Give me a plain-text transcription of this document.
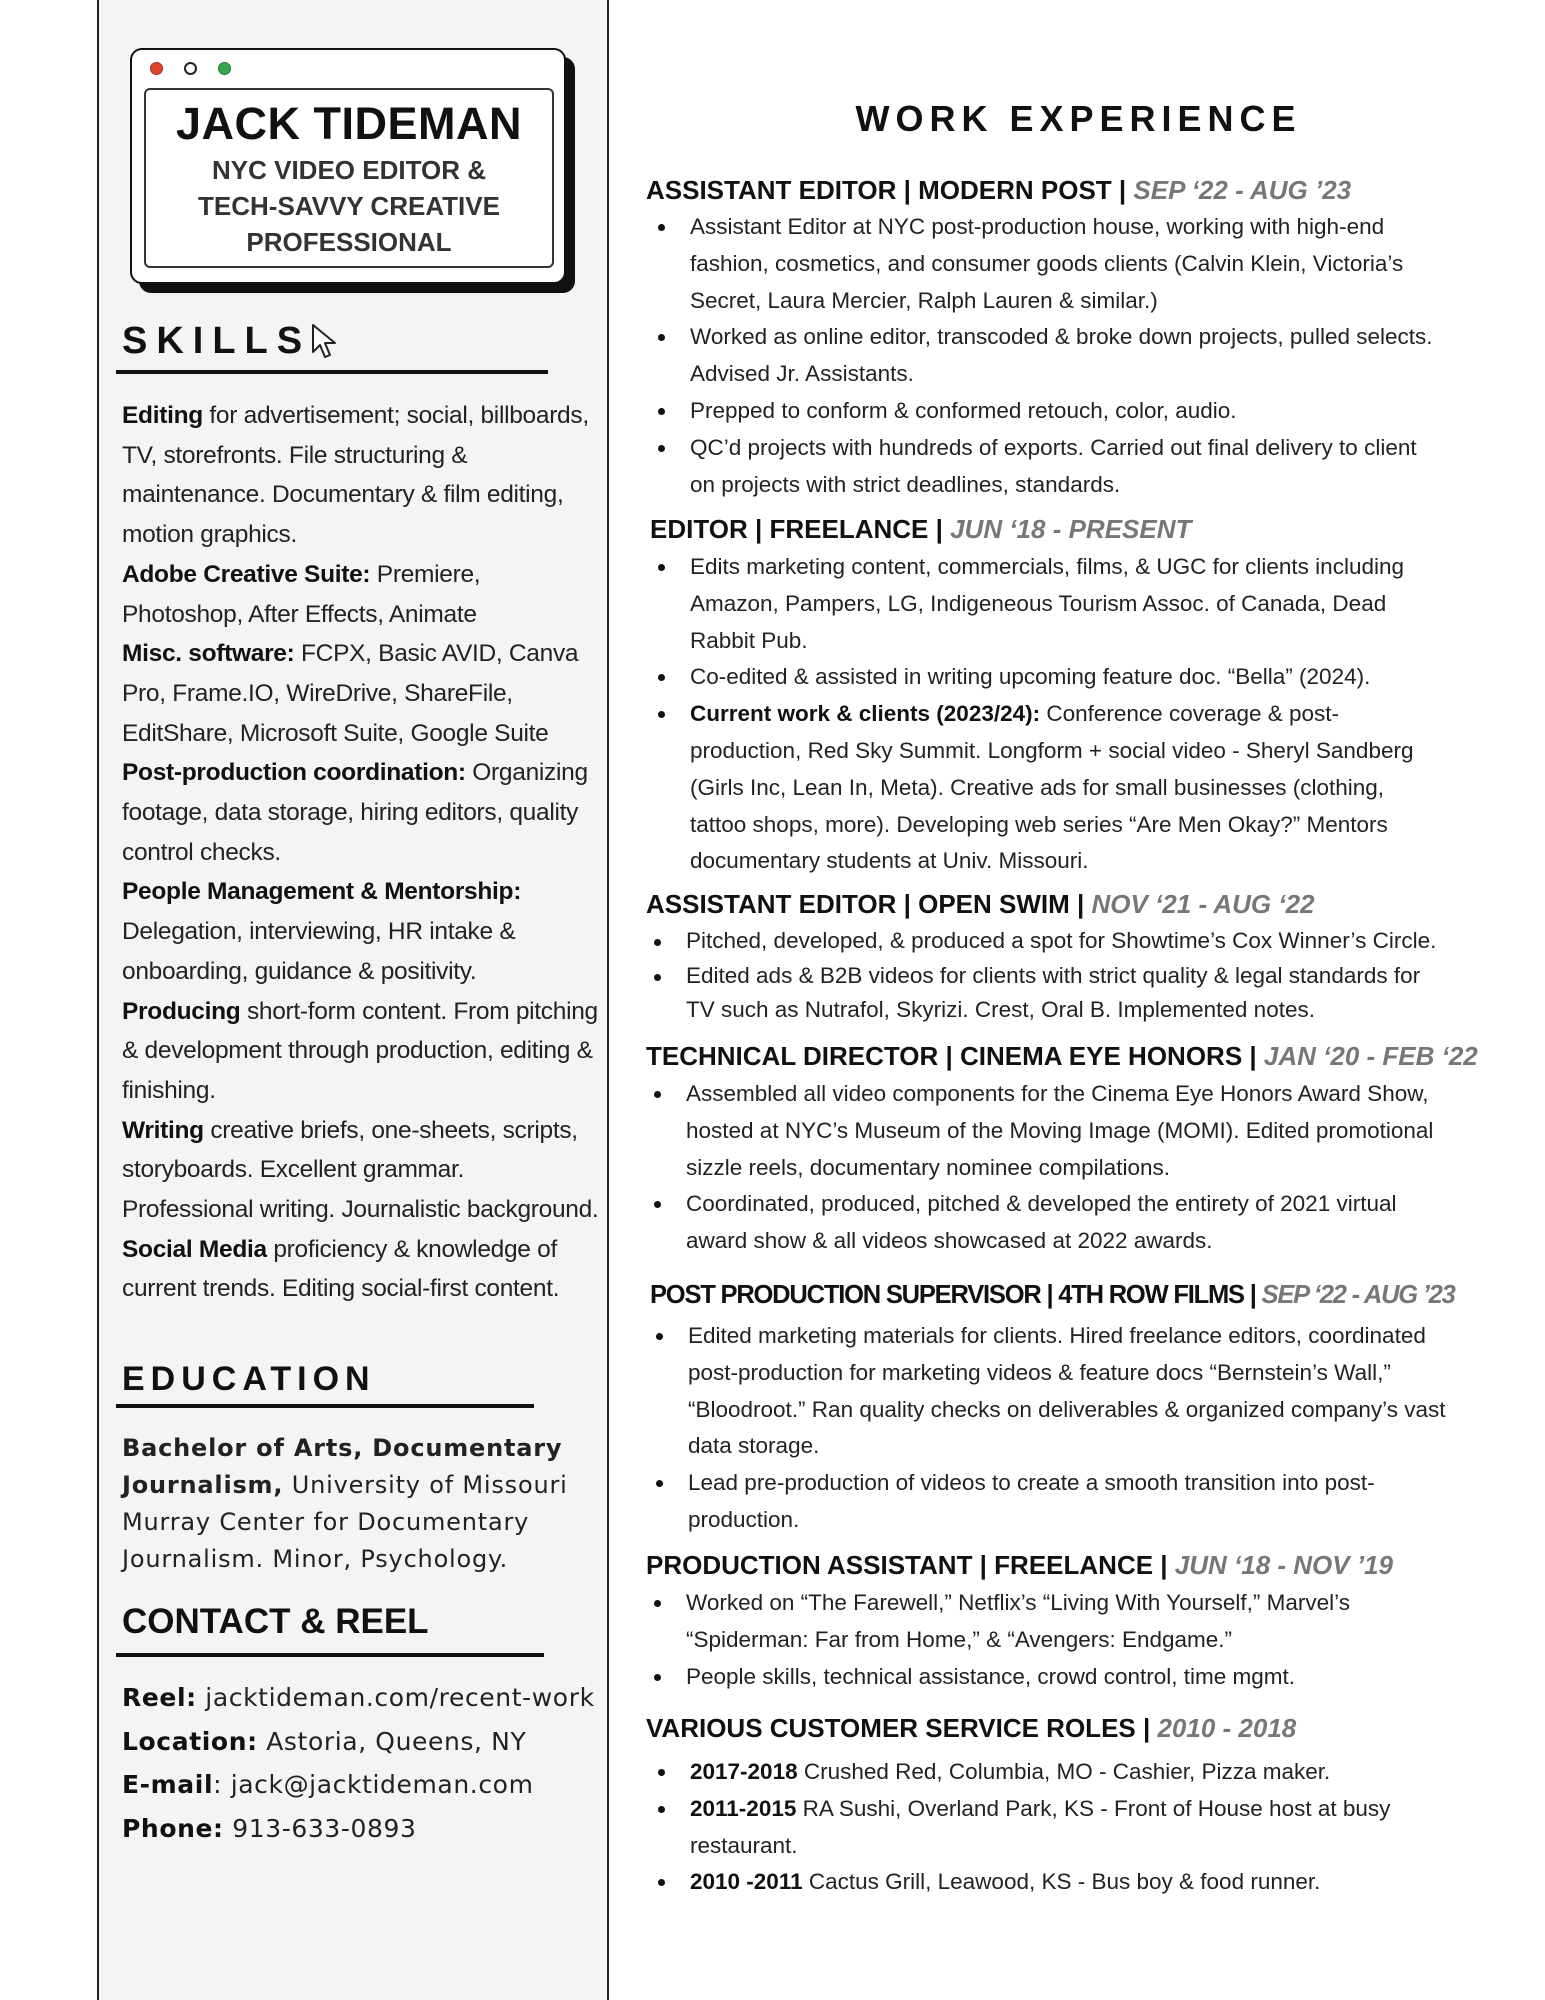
JACK TIDEMAN
NYC VIDEO EDITOR &
TECH-SAVVY CREATIVE
PROFESSIONAL
SKILLS

Editing for advertisement; social, billboards, TV, storefronts. File structuring & maintenance. Documentary & film editing, motion graphics.

Adobe Creative Suite: Premiere, Photoshop, After Effects, Animate

Misc. software: FCPX, Basic AVID, Canva Pro, Frame.IO, WireDrive, ShareFile, EditShare, Microsoft Suite, Google Suite

Post-production coordination: Organizing footage, data storage, hiring editors, quality control checks.

People Management & Mentorship: Delegation, interviewing, HR intake & onboarding, guidance & positivity.

Producing short-form content. From pitching & development through production, editing & finishing.

Writing creative briefs, one-sheets, scripts, storyboards. Excellent grammar. Professional writing. Journalistic background.

Social Media proficiency & knowledge of current trends. Editing social-first content.

EDUCATION
Bachelor of Arts, Documentary Journalism, University of Missouri Murray Center for Documentary Journalism. Minor, Psychology.
CONTACT & REEL
Reel: jacktideman.com/recent-work
Location: Astoria, Queens, NY
E-mail: jack@jacktideman.com
Phone: 913-633-0893
WORK EXPERIENCE
ASSISTANT EDITOR | MODERN POST | SEP ‘22 - AUG ’23
Assistant Editor at NYC post-production house, working with high-end fashion, cosmetics, and consumer goods clients (Calvin Klein, Victoria’s Secret, Laura Mercier, Ralph Lauren & similar.)
Worked as online editor, transcoded & broke down projects, pulled selects. Advised Jr. Assistants.
Prepped to conform & conformed retouch, color, audio.
QC’d projects with hundreds of exports. Carried out final delivery to client on projects with strict deadlines, standards.
EDITOR | FREELANCE | JUN ‘18 - PRESENT
Edits marketing content, commercials, films, & UGC for clients including Amazon, Pampers, LG, Indigeneous Tourism Assoc. of Canada, Dead Rabbit Pub.
Co-edited & assisted in writing upcoming feature doc. “Bella” (2024).
Current work & clients (2023/24): Conference coverage & post-production, Red Sky Summit. Longform + social video - Sheryl Sandberg (Girls Inc, Lean In, Meta). Creative ads for small businesses (clothing, tattoo shops, more). Developing web series “Are Men Okay?” Mentors documentary students at Univ. Missouri.
ASSISTANT EDITOR | OPEN SWIM | NOV ‘21 - AUG ‘22
Pitched, developed, & produced a spot for Showtime’s Cox Winner’s Circle.
Edited ads & B2B videos for clients with strict quality & legal standards for TV such as Nutrafol, Skyrizi. Crest, Oral B. Implemented notes.
TECHNICAL DIRECTOR | CINEMA EYE HONORS | JAN ‘20 - FEB ‘22
Assembled all video components for the Cinema Eye Honors Award Show, hosted at NYC’s Museum of the Moving Image (MOMI). Edited promotional sizzle reels, documentary nominee compilations.
Coordinated, produced, pitched & developed the entirety of 2021 virtual award show & all videos showcased at 2022 awards.
POST PRODUCTION SUPERVISOR | 4TH ROW FILMS | SEP ‘22 - AUG ’23
Edited marketing materials for clients. Hired freelance editors, coordinated post-production for marketing videos & feature docs “Bernstein’s Wall,” “Bloodroot.” Ran quality checks on deliverables & organized company’s vast data storage.
Lead pre-production of videos to create a smooth transition into post-production.
PRODUCTION ASSISTANT | FREELANCE | JUN ‘18 - NOV ’19
Worked on “The Farewell,” Netflix’s “Living With Yourself,” Marvel’s “Spiderman: Far from Home,” & “Avengers: Endgame.”
People skills, technical assistance, crowd control, time mgmt.
VARIOUS CUSTOMER SERVICE ROLES | 2010 - 2018
2017-2018 Crushed Red, Columbia, MO - Cashier, Pizza maker.
2011-2015 RA Sushi, Overland Park, KS - Front of House host at busy restaurant.
2010 -2011 Cactus Grill, Leawood, KS - Bus boy & food runner.
